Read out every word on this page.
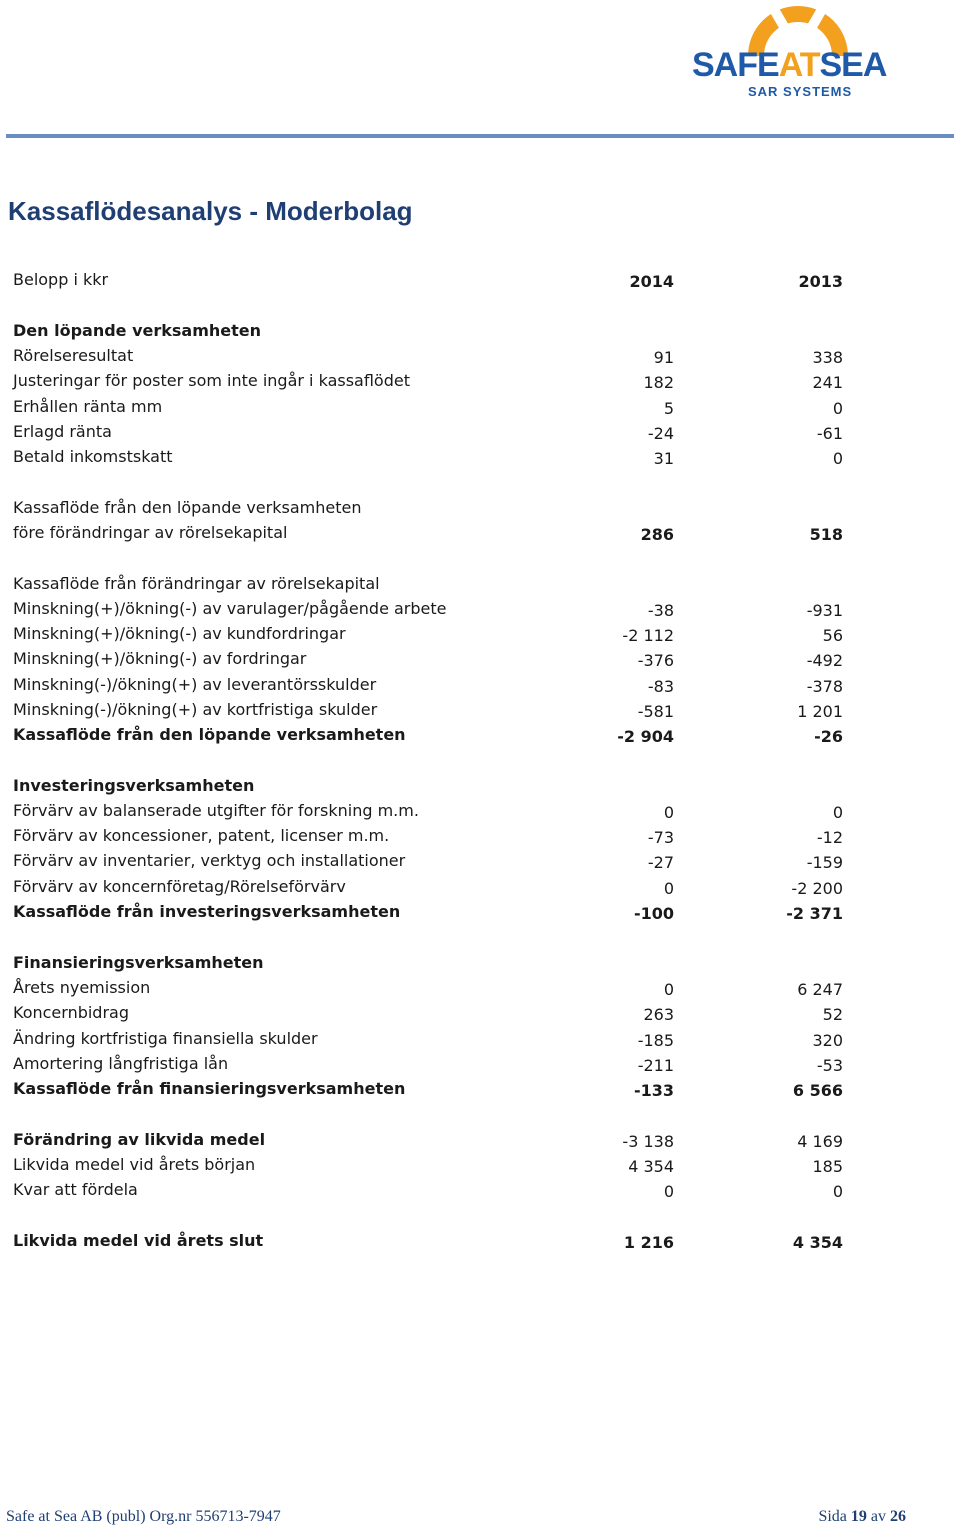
SAFEATSEA
SAR SYSTEMS
Kassaflödesanalys - Moderbolag
Belopp i kkr	2014	2013
Den löpande verksamheten
Rörelseresultat	91	338
Justeringar för poster som inte ingår i kassaflödet	182	241
Erhållen ränta mm	5	0
Erlagd ränta	-24	-61
Betald inkomstskatt	31	0
Kassaflöde från den löpande verksamheten
före förändringar av rörelsekapital	286	518
Kassaflöde från förändringar av rörelsekapital
Minskning(+)/ökning(-) av varulager/pågående arbete	-38	-931
Minskning(+)/ökning(-) av kundfordringar	-2 112	56
Minskning(+)/ökning(-) av fordringar	-376	-492
Minskning(-)/ökning(+) av leverantörsskulder	-83	-378
Minskning(-)/ökning(+) av kortfristiga skulder	-581	1 201
Kassaflöde från den löpande verksamheten	-2 904	-26
Investeringsverksamheten
Förvärv av balanserade utgifter för forskning m.m.	0	0
Förvärv av koncessioner, patent, licenser m.m.	-73	-12
Förvärv av inventarier, verktyg och installationer	-27	-159
Förvärv av koncernföretag/Rörelseförvärv	0	-2 200
Kassaflöde från investeringsverksamheten	-100	-2 371
Finansieringsverksamheten
Årets nyemission	0	6 247
Koncernbidrag	263	52
Ändring kortfristiga finansiella skulder	-185	320
Amortering långfristiga lån	-211	-53
Kassaflöde från finansieringsverksamheten	-133	6 566
Förändring av likvida medel	-3 138	4 169
Likvida medel vid årets början	4 354	185
Kvar att fördela	0	0
Likvida medel vid årets slut	1 216	4 354
Safe at Sea AB (publ) Org.nr 556713-7947	Sida 19 av 26
